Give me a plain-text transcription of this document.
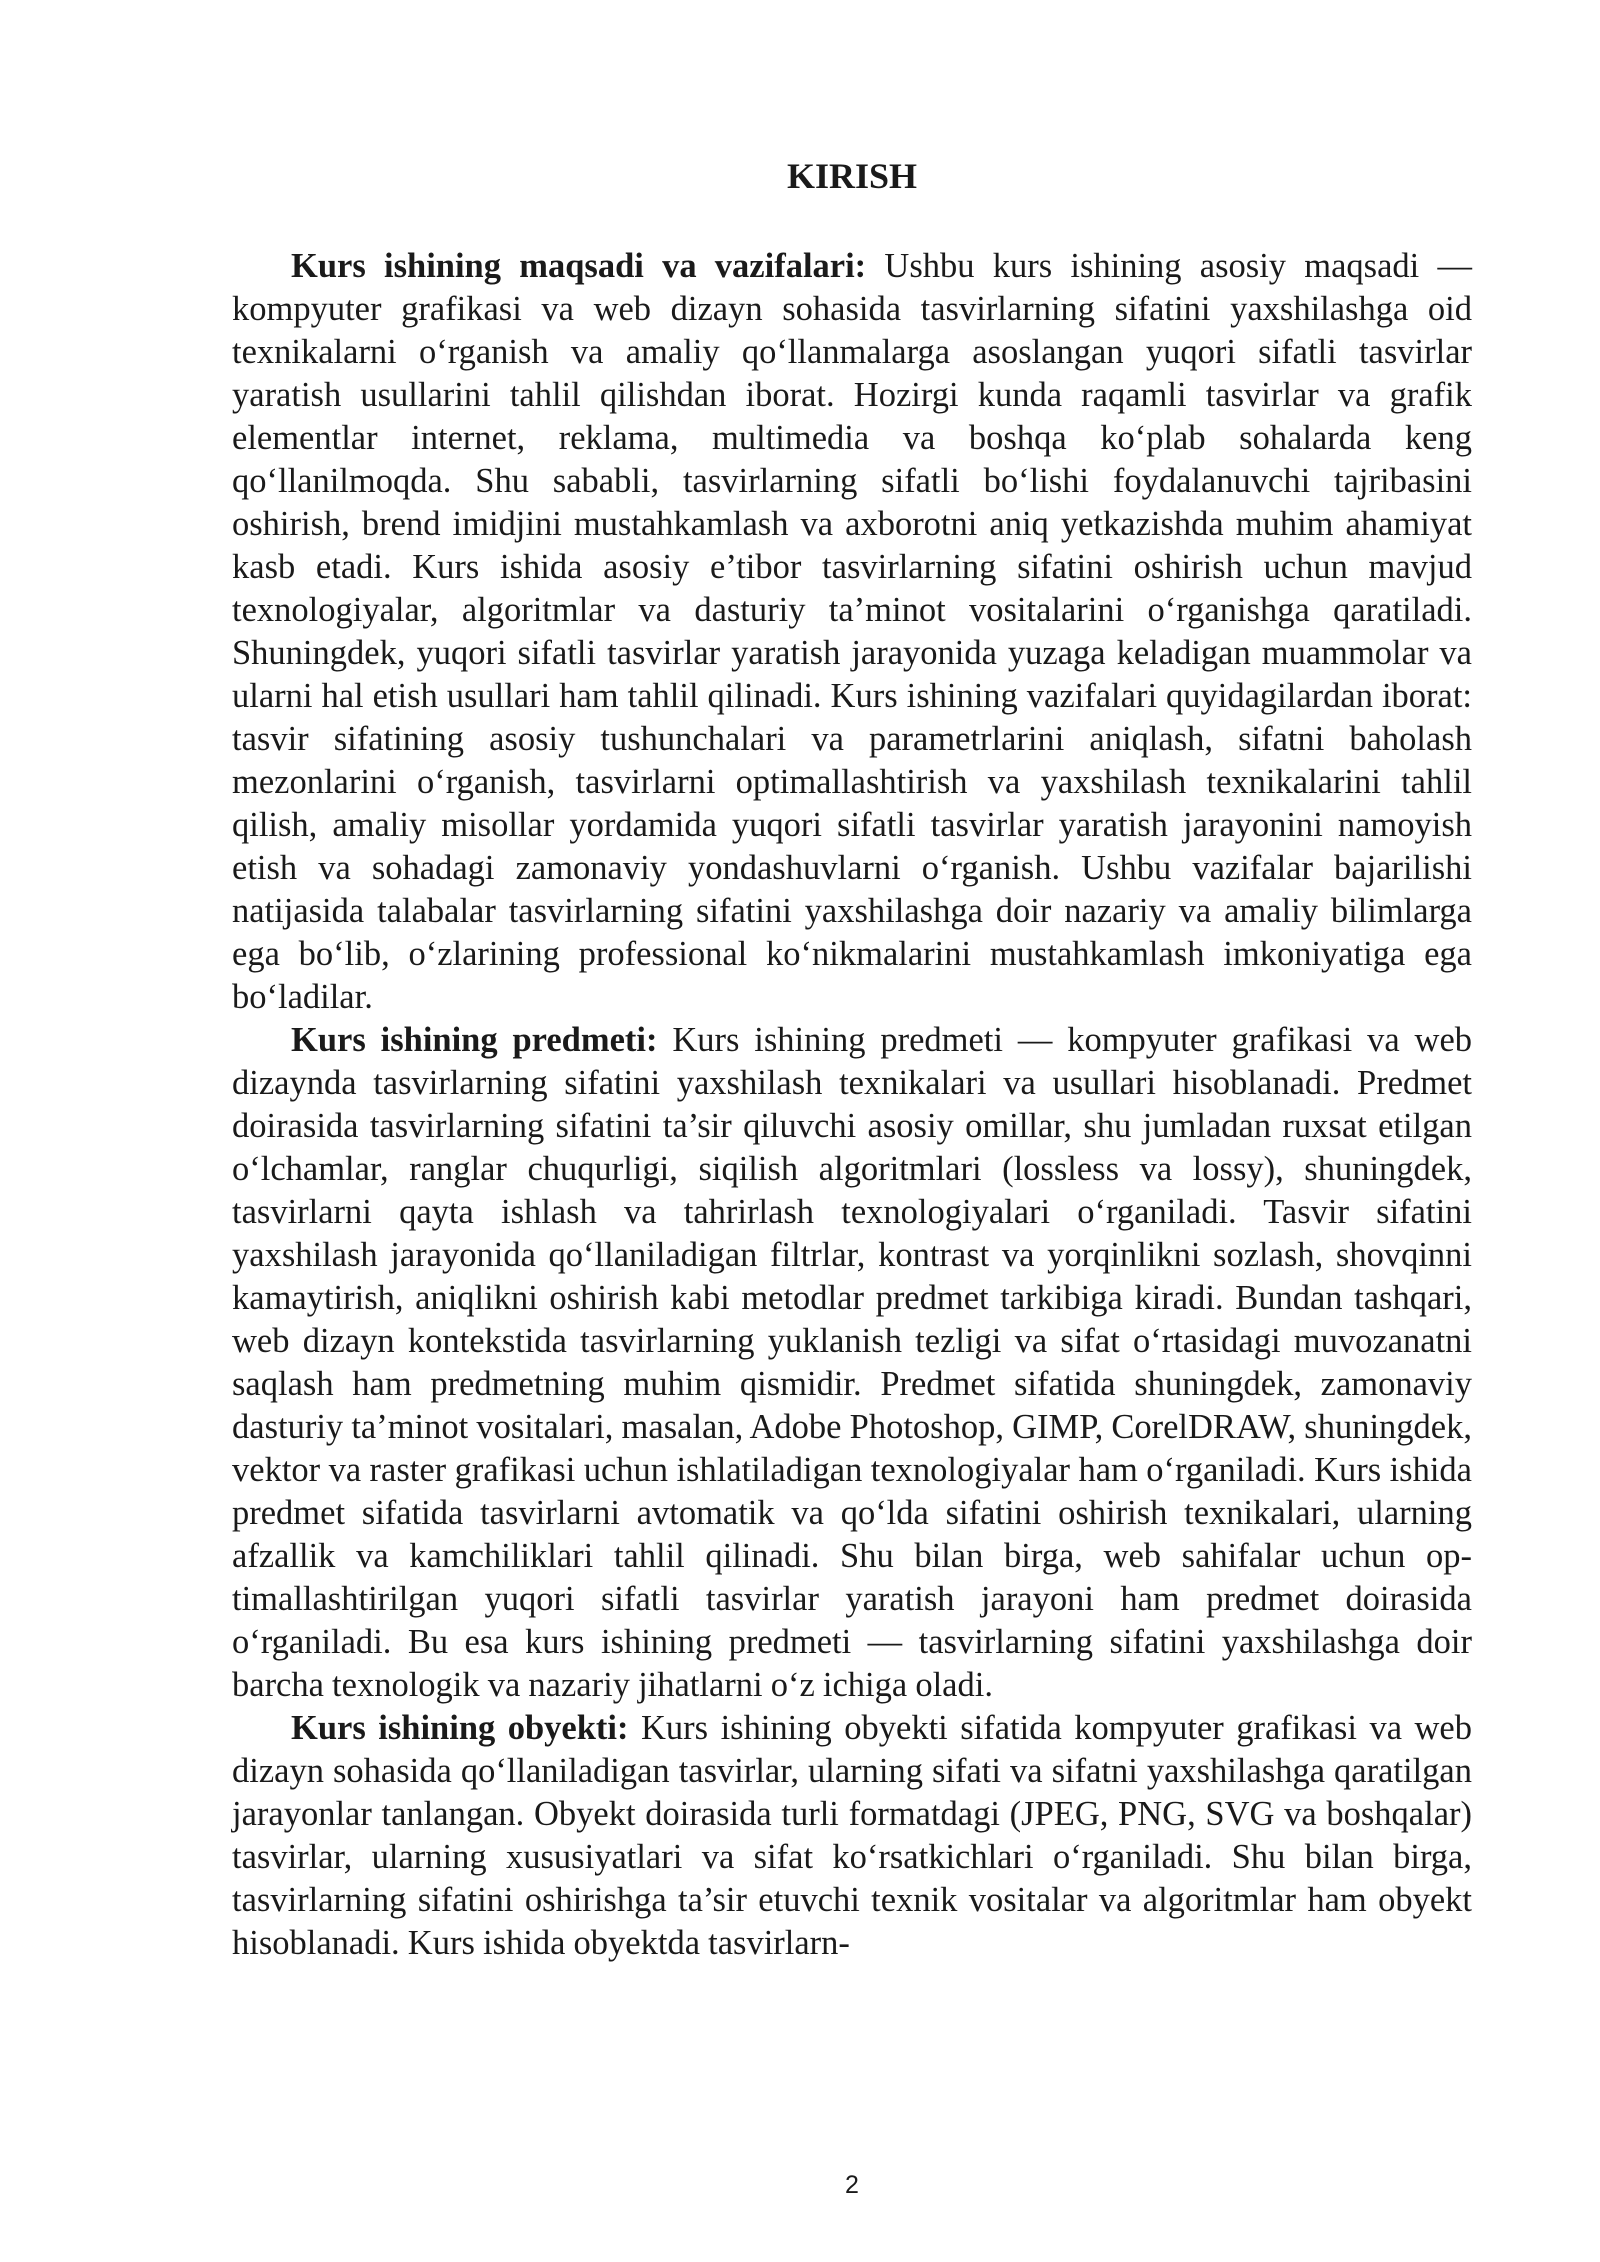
KIRISH

Kurs ishining maqsadi va vazifalari: Ushbu kurs ishining asosiy maqsadi — kompyuter grafikasi va web dizayn sohasida tasvirlarning sifatini yaxshilashga oid texnikalarni o‘rganish va amaliy qo‘llanmalarga asoslangan yuqori sifatli tasvirlar yaratish usullarini tahlil qilishdan iborat. Hozirgi kunda raqamli tasvirlar va grafik elementlar internet, reklama, multimedia va boshqa ko‘plab sohalarda keng qo‘llanilmoqda. Shu sababli, tasvirlarning sifatli bo‘lishi foydalanuvchi tajribasini oshirish, brend imidjini mustahkamlash va axborotni aniq yetkazishda muhim ahamiyat kasb etadi. Kurs ishida asosiy e’tibor tasvirlarning sifatini oshirish uchun mavjud texnologiyalar, algoritmlar va dasturiy ta’minot vositalarini o‘rganishga qaratiladi. Shuningdek, yuqori sifatli tasvirlar yaratish jarayonida yuzaga keladigan muammolar va ularni hal etish usullari ham tahlil qilinadi. Kurs ishining vazifalari quyidagilardan iborat: tasvir sifatining asosiy tushunchalari va parametrlarini aniqlash, sifatni baholash mezonlarini o‘rganish, tasvirlarni optimallashtirish va yaxshilash texnikalarini tahlil qilish, amaliy misollar yordamida yuqori sifatli tasvirlar yaratish jarayonini namoyish etish va sohadagi zamonaviy yondashuvlarni o‘rganish. Ushbu vazifalar bajarilishi natijasida talabalar tasvirlarning sifatini yaxshilashga doir nazariy va amaliy bilimlarga ega bo‘lib, o‘zlarining professional ko‘nikmalarini mustahkamlash imkoniyatiga ega bo‘ladilar.

Kurs ishining predmeti: Kurs ishining predmeti — kompyuter grafikasi va web dizaynda tasvirlarning sifatini yaxshilash texnikalari va usullari hisoblanadi. Predmet doirasida tasvirlarning sifatini ta’sir qiluvchi asosiy omillar, shu jumladan ruxsat etilgan o‘lchamlar, ranglar chuqurligi, siqilish algoritmlari (lossless va lossy), shuningdek, tasvirlarni qayta ishlash va tahrirlash texnologiyalari o‘rganiladi. Tasvir sifatini yaxshilash jarayonida qo‘llaniladigan filtrlar, kontrast va yorqinlikni sozlash, shovqinni kamaytirish, aniqlikni oshirish kabi metodlar predmet tarkibiga kiradi. Bundan tashqari, web dizayn kontekstida tasvirlarning yuklanish tezligi va sifat o‘rtasidagi muvozanatni saqlash ham predmetning muhim qismidir. Predmet sifatida shuningdek, zamonaviy dasturiy ta’minot vositalari, masalan, Adobe Photoshop, GIMP, CorelDRAW, shuningdek, vektor va raster grafikasi uchun ishlatiladigan texnologiyalar ham o‘rganiladi. Kurs ishida predmet sifatida tasvirlarni avtomatik va qo‘lda sifatini oshirish texnikalari, ularning afzallik va kamchiliklari tahlil qilinadi. Shu bilan birga, web sahifalar uchun optimallashtirilgan yuqori sifatli tasvirlar yaratish jarayoni ham predmet doirasida o‘rganiladi. Bu esa kurs ishining predmeti — tasvirlarning sifatini yaxshilashga doir barcha texnologik va nazariy jihatlarni o‘z ichiga oladi.

Kurs ishining obyekti: Kurs ishining obyekti sifatida kompyuter grafikasi va web dizayn sohasida qo‘llaniladigan tasvirlar, ularning sifati va sifatni yaxshilashga qaratilgan jarayonlar tanlangan. Obyekt doirasida turli formatdagi (JPEG, PNG, SVG va boshqalar) tasvirlar, ularning xususiyatlari va sifat ko‘rsatkichlari o‘rganiladi. Shu bilan birga, tasvirlarning sifatini oshirishga ta’sir etuvchi texnik vositalar va algoritmlar ham obyekt hisoblanadi. Kurs ishida obyektda tasvirlarn-

2
